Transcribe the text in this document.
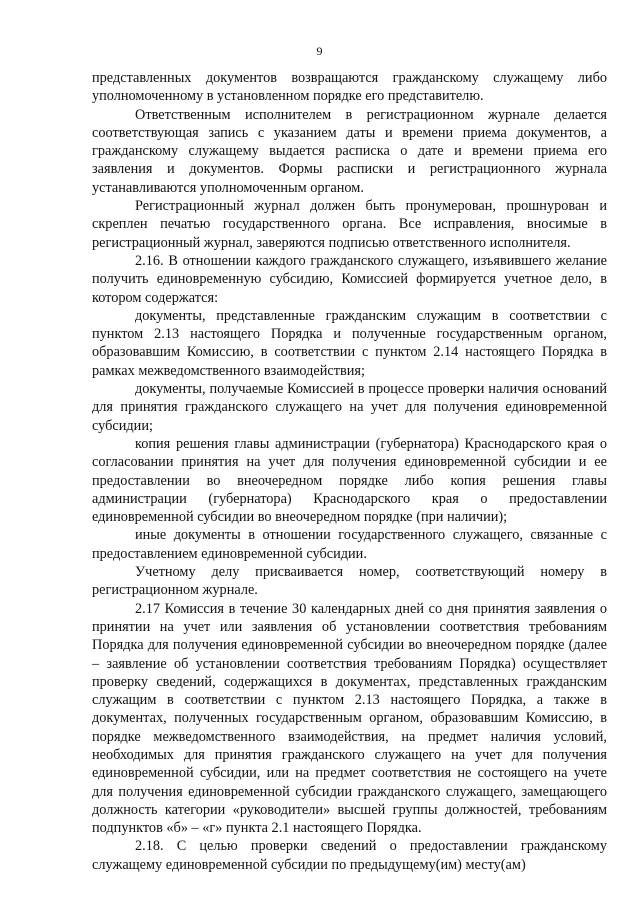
9

представленных документов возвращаются гражданскому служащему либо уполномоченному в установленном порядке его представителю.

Ответственным исполнителем в регистрационном журнале делается соответствующая запись с указанием даты и времени приема документов, а гражданскому служащему выдается расписка о дате и времени приема его заявления и документов. Формы расписки и регистрационного журнала устанавливаются уполномоченным органом.

Регистрационный журнал должен быть пронумерован, прошнурован и скреплен печатью государственного органа. Все исправления, вносимые в регистрационный журнал, заверяются подписью ответственного исполнителя.

2.16. В отношении каждого гражданского служащего, изъявившего желание получить единовременную субсидию, Комиссией формируется учетное дело, в котором содержатся:

документы, представленные гражданским служащим в соответствии с пунктом 2.13 настоящего Порядка и полученные государственным органом, образовавшим Комиссию, в соответствии с пунктом 2.14 настоящего Порядка в рамках межведомственного взаимодействия;

документы, получаемые Комиссией в процессе проверки наличия оснований для принятия гражданского служащего на учет для получения единовременной субсидии;

копия решения главы администрации (губернатора) Краснодарского края о согласовании принятия на учет для получения единовременной субсидии и ее предоставлении во внеочередном порядке либо копия решения главы администрации (губернатора) Краснодарского края о предоставлении единовременной субсидии во внеочередном порядке (при наличии);

иные документы в отношении государственного служащего, связанные с предоставлением единовременной субсидии.

Учетному делу присваивается номер, соответствующий номеру в регистрационном журнале.

2.17 Комиссия в течение 30 календарных дней со дня принятия заявления о принятии на учет или заявления об установлении соответствия требованиям Порядка для получения единовременной субсидии во внеочередном порядке (далее – заявление об установлении соответствия требованиям Порядка) осуществляет проверку сведений, содержащихся в документах, представленных гражданским служащим в соответствии с пунктом 2.13 настоящего Порядка, а также в документах, полученных государственным органом, образовавшим Комиссию, в порядке межведомственного взаимодействия, на предмет наличия условий, необходимых для принятия гражданского служащего на учет для получения единовременной субсидии, или на предмет соответствия не состоящего на учете для получения единовременной субсидии гражданского служащего, замещающего должность категории «руководители» высшей группы должностей, требованиям подпунктов «б» – «г» пункта 2.1 настоящего Порядка.

2.18. С целью проверки сведений о предоставлении гражданскому служащему единовременной субсидии по предыдущему(им) месту(ам)
